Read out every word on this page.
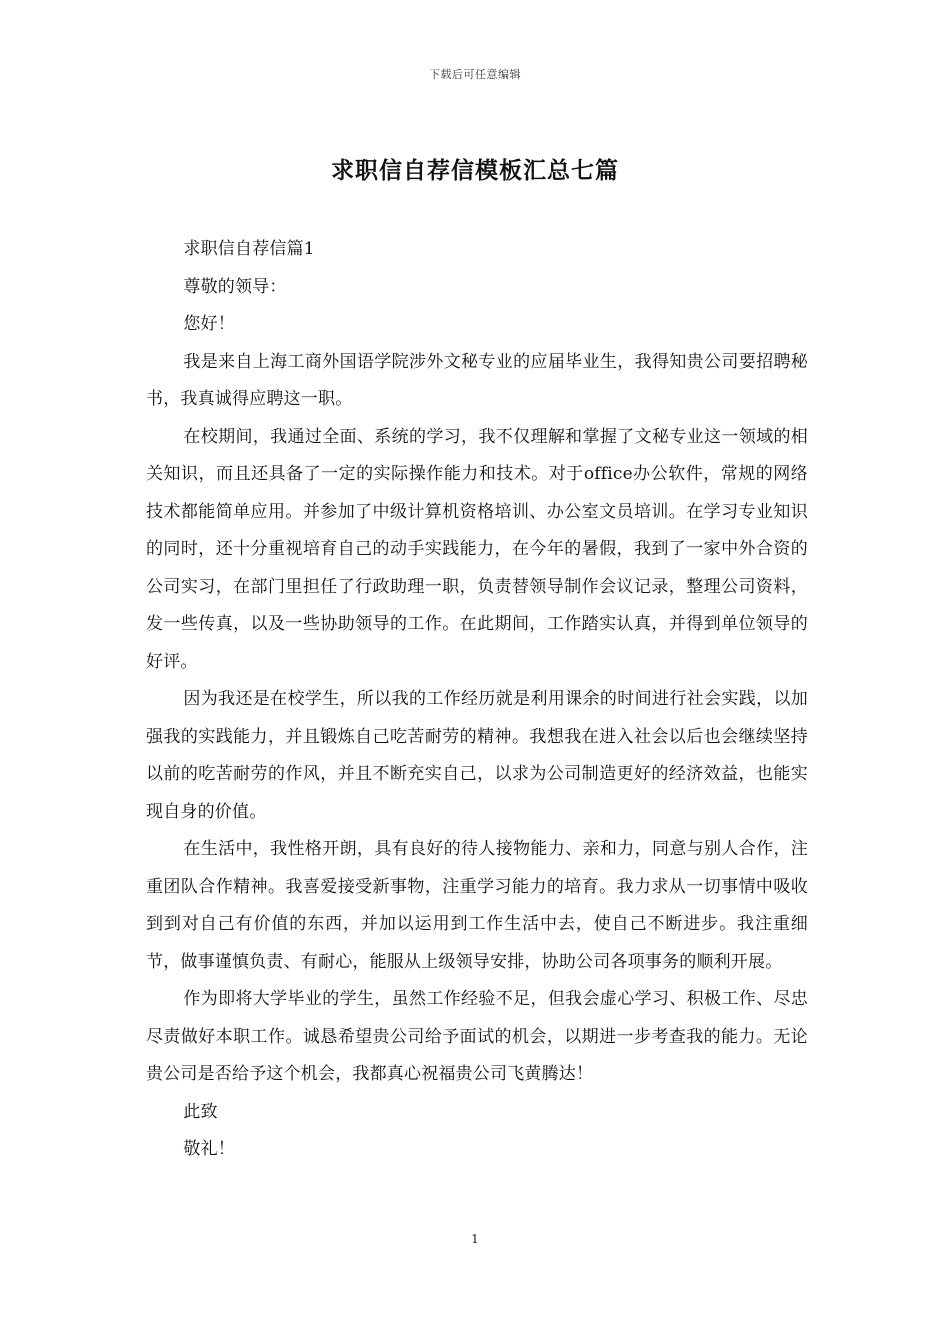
下载后可任意编辑
求职信自荐信模板汇总七篇

求职信自荐信篇1

尊敬的领导：

您好！

我是来自上海工商外国语学院涉外文秘专业的应届毕业生，我得知贵公司要招聘秘书，我真诚得应聘这一职。

在校期间，我通过全面、系统的学习，我不仅理解和掌握了文秘专业这一领域的相关知识，而且还具备了一定的实际操作能力和技术。对于office办公软件，常规的网络技术都能简单应用。并参加了中级计算机资格培训、办公室文员培训。在学习专业知识的同时，还十分重视培育自己的动手实践能力，在今年的暑假，我到了一家中外合资的公司实习，在部门里担任了行政助理一职，负责替领导制作会议记录，整理公司资料，发一些传真，以及一些协助领导的工作。在此期间，工作踏实认真，并得到单位领导的好评。

因为我还是在校学生，所以我的工作经历就是利用课余的时间进行社会实践，以加强我的实践能力，并且锻炼自己吃苦耐劳的精神。我想我在进入社会以后也会继续坚持以前的吃苦耐劳的作风，并且不断充实自己，以求为公司制造更好的经济效益，也能实现自身的价值。

在生活中，我性格开朗，具有良好的待人接物能力、亲和力，同意与别人合作，注重团队合作精神。我喜爱接受新事物，注重学习能力的培育。我力求从一切事情中吸收到到对自己有价值的东西，并加以运用到工作生活中去，使自己不断进步。我注重细节，做事谨慎负责、有耐心，能服从上级领导安排，协助公司各项事务的顺利开展。

作为即将大学毕业的学生，虽然工作经验不足，但我会虚心学习、积极工作、尽忠尽责做好本职工作。诚恳希望贵公司给予面试的机会，以期进一步考查我的能力。无论贵公司是否给予这个机会，我都真心祝福贵公司飞黄腾达！

此致

敬礼！

1
